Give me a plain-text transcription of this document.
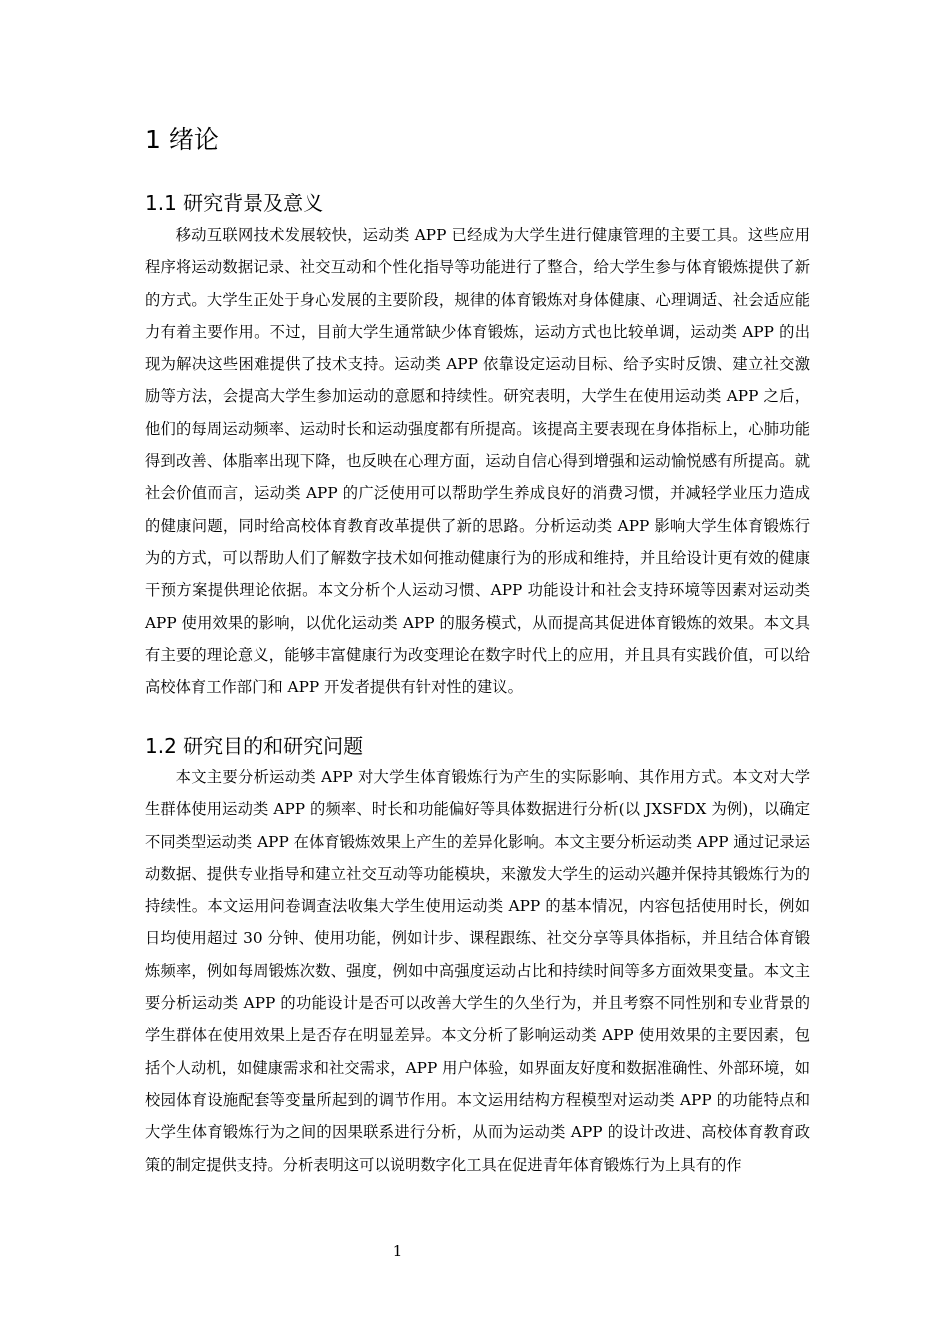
1 绪论
1.1 研究背景及意义

移动互联网技术发展较快，运动类 APP 已经成为大学生进行健康管理的主要工具。这些应用程序将运动数据记录、社交互动和个性化指导等功能进行了整合，给大学生参与体育锻炼提供了新的方式。大学生正处于身心发展的主要阶段，规律的体育锻炼对身体健康、心理调适、社会适应能力有着主要作用。不过，目前大学生通常缺少体育锻炼，运动方式也比较单调，运动类 APP 的出现为解决这些困难提供了技术支持。运动类 APP 依靠设定运动目标、给予实时反馈、建立社交激励等方法，会提高大学生参加运动的意愿和持续性。研究表明，大学生在使用运动类 APP 之后，他们的每周运动频率、运动时长和运动强度都有所提高。该提高主要表现在身体指标上，心肺功能得到改善、体脂率出现下降，也反映在心理方面，运动自信心得到增强和运动愉悦感有所提高。就社会价值而言，运动类 APP 的广泛使用可以帮助学生养成良好的消费习惯，并减轻学业压力造成的健康问题，同时给高校体育教育改革提供了新的思路。分析运动类 APP 影响大学生体育锻炼行为的方式，可以帮助人们了解数字技术如何推动健康行为的形成和维持，并且给设计更有效的健康干预方案提供理论依据。本文分析个人运动习惯、APP 功能设计和社会支持环境等因素对运动类 APP 使用效果的影响，以优化运动类 APP 的服务模式，从而提高其促进体育锻炼的效果。本文具有主要的理论意义，能够丰富健康行为改变理论在数字时代上的应用，并且具有实践价值，可以给高校体育工作部门和 APP 开发者提供有针对性的建议。

1.2 研究目的和研究问题

本文主要分析运动类 APP 对大学生体育锻炼行为产生的实际影响、其作用方式。本文对大学生群体使用运动类 APP 的频率、时长和功能偏好等具体数据进行分析(以 JXSFDX 为例)，以确定不同类型运动类 APP 在体育锻炼效果上产生的差异化影响。本文主要分析运动类 APP 通过记录运动数据、提供专业指导和建立社交互动等功能模块，来激发大学生的运动兴趣并保持其锻炼行为的持续性。本文运用问卷调查法收集大学生使用运动类 APP 的基本情况，内容包括使用时长，例如日均使用超过 30 分钟、使用功能，例如计步、课程跟练、社交分享等具体指标，并且结合体育锻炼频率，例如每周锻炼次数、强度，例如中高强度运动占比和持续时间等多方面效果变量。本文主要分析运动类 APP 的功能设计是否可以改善大学生的久坐行为，并且考察不同性别和专业背景的学生群体在使用效果上是否存在明显差异。本文分析了影响运动类 APP 使用效果的主要因素，包括个人动机，如健康需求和社交需求，APP 用户体验，如界面友好度和数据准确性、外部环境，如校园体育设施配套等变量所起到的调节作用。本文运用结构方程模型对运动类 APP 的功能特点和大学生体育锻炼行为之间的因果联系进行分析，从而为运动类 APP 的设计改进、高校体育教育政策的制定提供支持。分析表明这可以说明数字化工具在促进青年体育锻炼行为上具有的作

1
